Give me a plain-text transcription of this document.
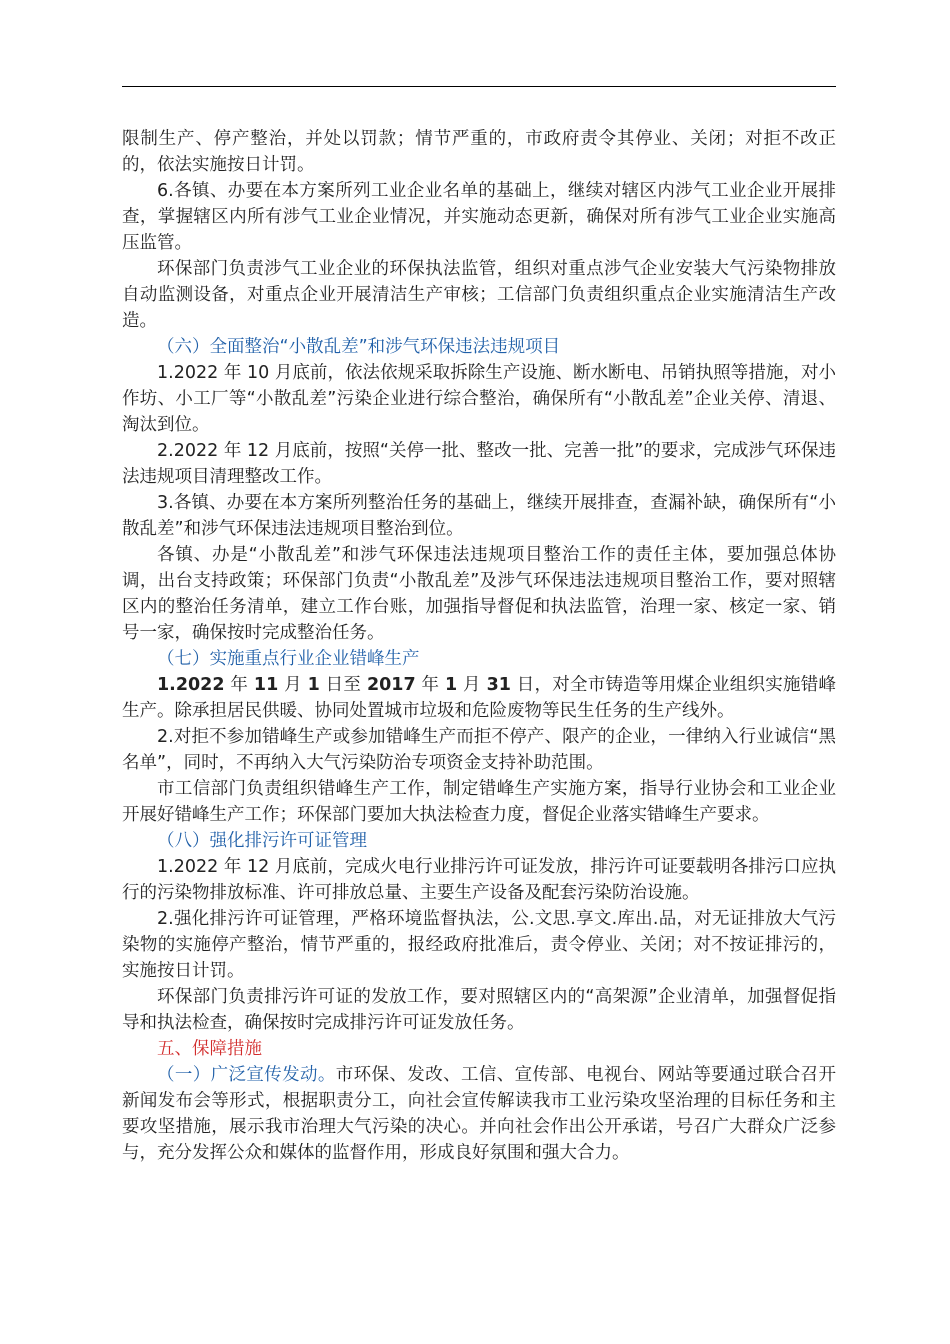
限制生产、停产整治，并处以罚款；情节严重的，市政府责令其停业、关闭；对拒不改正的，依法实施按日计罚。

6.各镇、办要在本方案所列工业企业名单的基础上，继续对辖区内涉气工业企业开展排查，掌握辖区内所有涉气工业企业情况，并实施动态更新，确保对所有涉气工业企业实施高压监管。

环保部门负责涉气工业企业的环保执法监管，组织对重点涉气企业安装大气污染物排放自动监测设备，对重点企业开展清洁生产审核；工信部门负责组织重点企业实施清洁生产改造。

（六）全面整治“小散乱差”和涉气环保违法违规项目

1.2022 年 10 月底前，依法依规采取拆除生产设施、断水断电、吊销执照等措施，对小作坊、小工厂等“小散乱差”污染企业进行综合整治，确保所有“小散乱差”企业关停、清退、淘汰到位。

2.2022 年 12 月底前，按照“关停一批、整改一批、完善一批”的要求，完成涉气环保违法违规项目清理整改工作。

3.各镇、办要在本方案所列整治任务的基础上，继续开展排查，查漏补缺，确保所有“小散乱差”和涉气环保违法违规项目整治到位。

各镇、办是“小散乱差”和涉气环保违法违规项目整治工作的责任主体，要加强总体协调，出台支持政策；环保部门负责“小散乱差”及涉气环保违法违规项目整治工作，要对照辖区内的整治任务清单，建立工作台账，加强指导督促和执法监管，治理一家、核定一家、销号一家，确保按时完成整治任务。

（七）实施重点行业企业错峰生产

1.2022 年 11 月 1 日至 2017 年 1 月 31 日，对全市铸造等用煤企业组织实施错峰生产。除承担居民供暖、协同处置城市垃圾和危险废物等民生任务的生产线外。

2.对拒不参加错峰生产或参加错峰生产而拒不停产、限产的企业，一律纳入行业诚信“黑名单”，同时，不再纳入大气污染防治专项资金支持补助范围。

市工信部门负责组织错峰生产工作，制定错峰生产实施方案，指导行业协会和工业企业开展好错峰生产工作；环保部门要加大执法检查力度，督促企业落实错峰生产要求。

（八）强化排污许可证管理

1.2022 年 12 月底前，完成火电行业排污许可证发放，排污许可证要载明各排污口应执行的污染物排放标准、许可排放总量、主要生产设备及配套污染防治设施。

2.强化排污许可证管理，严格环境监督执法，公.文思.享文.库出.品，对无证排放大气污染物的实施停产整治，情节严重的，报经政府批准后，责令停业、关闭；对不按证排污的，实施按日计罚。

环保部门负责排污许可证的发放工作，要对照辖区内的“高架源”企业清单，加强督促指导和执法检查，确保按时完成排污许可证发放任务。

五、保障措施

（一）广泛宣传发动。市环保、发改、工信、宣传部、电视台、网站等要通过联合召开新闻发布会等形式，根据职责分工，向社会宣传解读我市工业污染攻坚治理的目标任务和主要攻坚措施，展示我市治理大气污染的决心。并向社会作出公开承诺，号召广大群众广泛参与，充分发挥公众和媒体的监督作用，形成良好氛围和强大合力。
